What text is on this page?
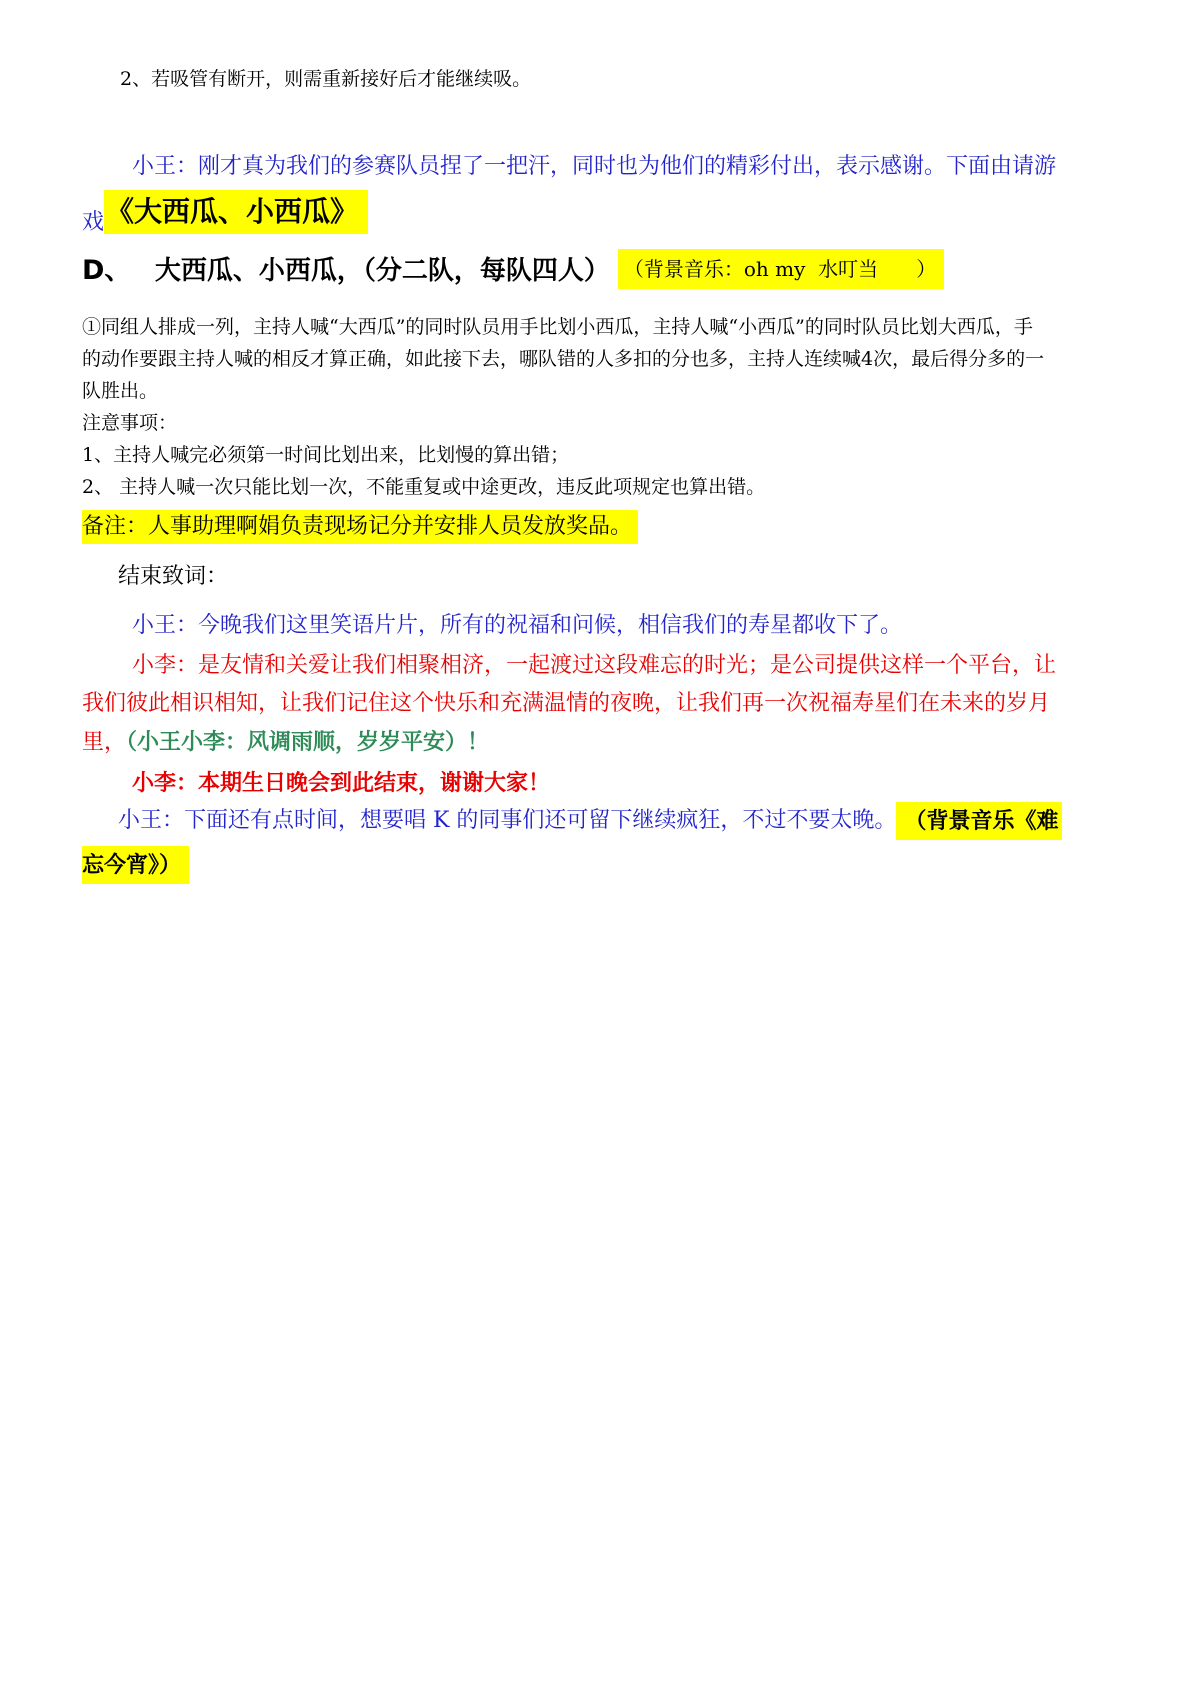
2、若吸管有断开，则需重新接好后才能继续吸。
小王：刚才真为我们的参赛队员捏了一把汗，同时也为他们的精彩付出，表示感谢。下面由请游
戏《大西瓜、小西瓜》
D、 大西瓜、小西瓜，（分二队，每队四人） （背景音乐：oh my  水叮当      ）
①同组人排成一列，主持人喊“大西瓜”的同时队员用手比划小西瓜，主持人喊“小西瓜”的同时队员比划大西瓜，手
的动作要跟主持人喊的相反才算正确，如此接下去，哪队错的人多扣的分也多，主持人连续喊4次，最后得分多的一
队胜出。
注意事项：
1、主持人喊完必须第一时间比划出来，比划慢的算出错；
2、 主持人喊一次只能比划一次，不能重复或中途更改，违反此项规定也算出错。
备注：人事助理啊娟负责现场记分并安排人员发放奖品。
结束致词：
小王：今晚我们这里笑语片片，所有的祝福和问候，相信我们的寿星都收下了。
小李：是友情和关爱让我们相聚相济，一起渡过这段难忘的时光；是公司提供这样一个平台，让
我们彼此相识相知，让我们记住这个快乐和充满温情的夜晚，让我们再一次祝福寿星们在未来的岁月
里，（小王小李：风调雨顺，岁岁平安）！
小李：本期生日晚会到此结束，谢谢大家！
小王：下面还有点时间，想要唱 K 的同事们还可留下继续疯狂，不过不要太晚。 （背景音乐《难
忘今宵》）
